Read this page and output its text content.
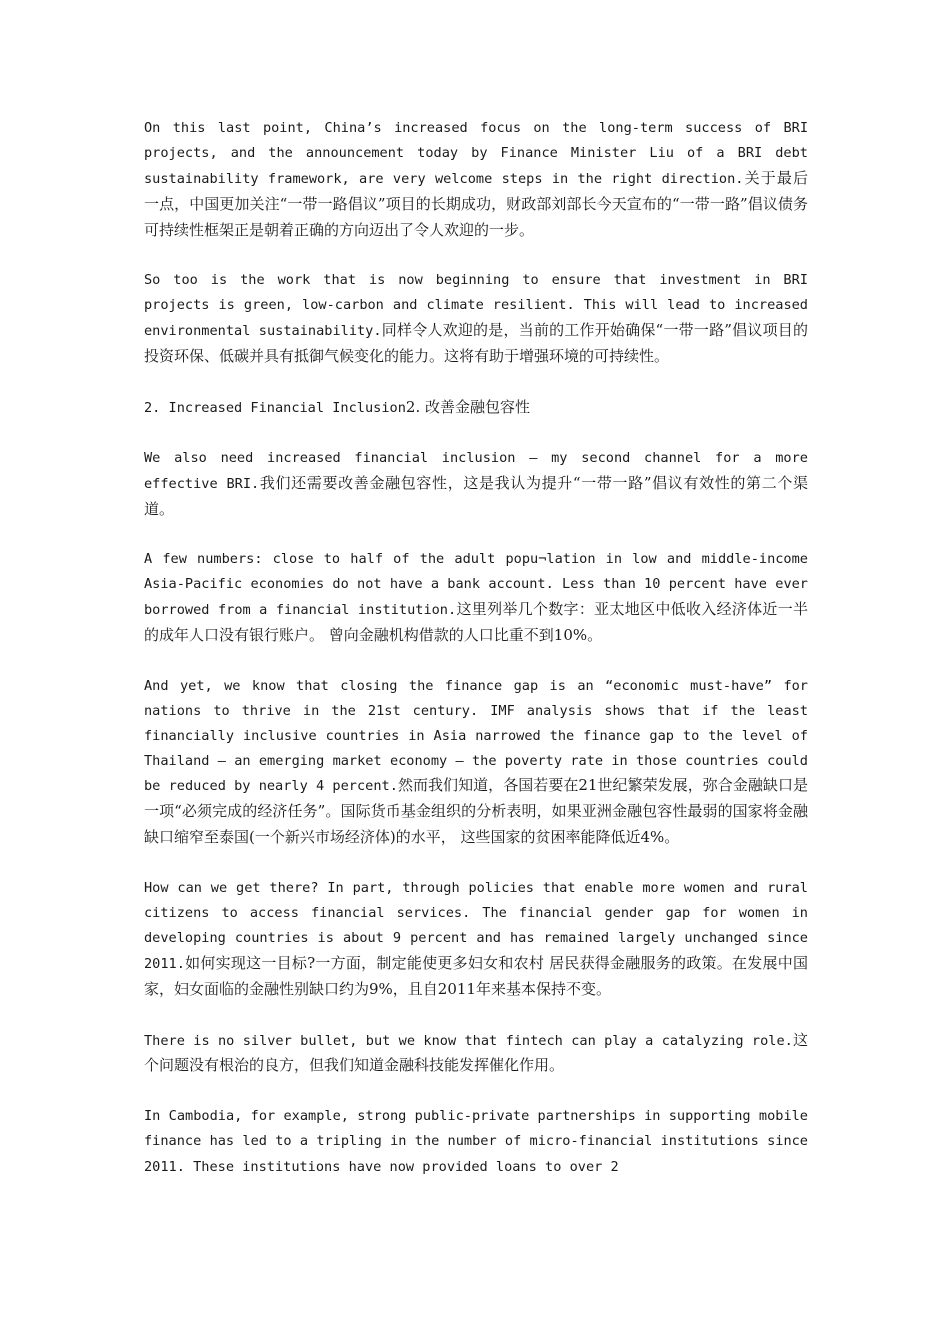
On this last point, China’s increased focus on the long-term success of BRI projects, and the announcement today by Finance Minister Liu of a BRI debt sustainability framework, are very welcome steps in the right direction.关于最后一点，中国更加关注“一带一路倡议”项目的长期成功，财政部刘部长今天宣布的“一带一路”倡议债务可持续性框架正是朝着正确的方向迈出了令人欢迎的一步。

So too is the work that is now beginning to ensure that investment in BRI projects is green, low-carbon and climate resilient. This will lead to increased environmental sustainability.同样令人欢迎的是，当前的工作开始确保“一带一路”倡议项目的投资环保、低碳并具有抵御气候变化的能力。这将有助于增强环境的可持续性。

2. Increased Financial Inclusion2. 改善金融包容性

We also need increased financial inclusion — my second channel for a more effective BRI.我们还需要改善金融包容性，这是我认为提升“一带一路”倡议有效性的第二个渠道。

A few numbers: close to half of the adult popu¬lation in low and middle-income Asia-Pacific economies do not have a bank account. Less than 10 percent have ever borrowed from a financial institution.这里列举几个数字：亚太地区中低收入经济体近一半的成年人口没有银行账户。 曾向金融机构借款的人口比重不到10%。

And yet, we know that closing the finance gap is an “economic must-have” for nations to thrive in the 21st century. IMF analysis shows that if the least financially inclusive countries in Asia narrowed the finance gap to the level of Thailand — an emerging market economy — the poverty rate in those countries could be reduced by nearly 4 percent.然而我们知道，各国若要在21世纪繁荣发展，弥合金融缺口是一项“必须完成的经济任务”。国际货币基金组织的分析表明，如果亚洲金融包容性最弱的国家将金融缺口缩窄至泰国(一个新兴市场经济体)的水平， 这些国家的贫困率能降低近4%。

How can we get there? In part, through policies that enable more women and rural citizens to access financial services. The financial gender gap for women in developing countries is about 9 percent and has remained largely unchanged since 2011.如何实现这一目标?一方面，制定能使更多妇女和农村 居民获得金融服务的政策。在发展中国家，妇女面临的金融性别缺口约为9%，且自2011年来基本保持不变。

There is no silver bullet, but we know that fintech can play a catalyzing role.这个问题没有根治的良方，但我们知道金融科技能发挥催化作用。

In Cambodia, for example, strong public-private partnerships in supporting mobile finance has led to a tripling in the number of micro-financial institutions since 2011. These institutions have now provided loans to over 2
